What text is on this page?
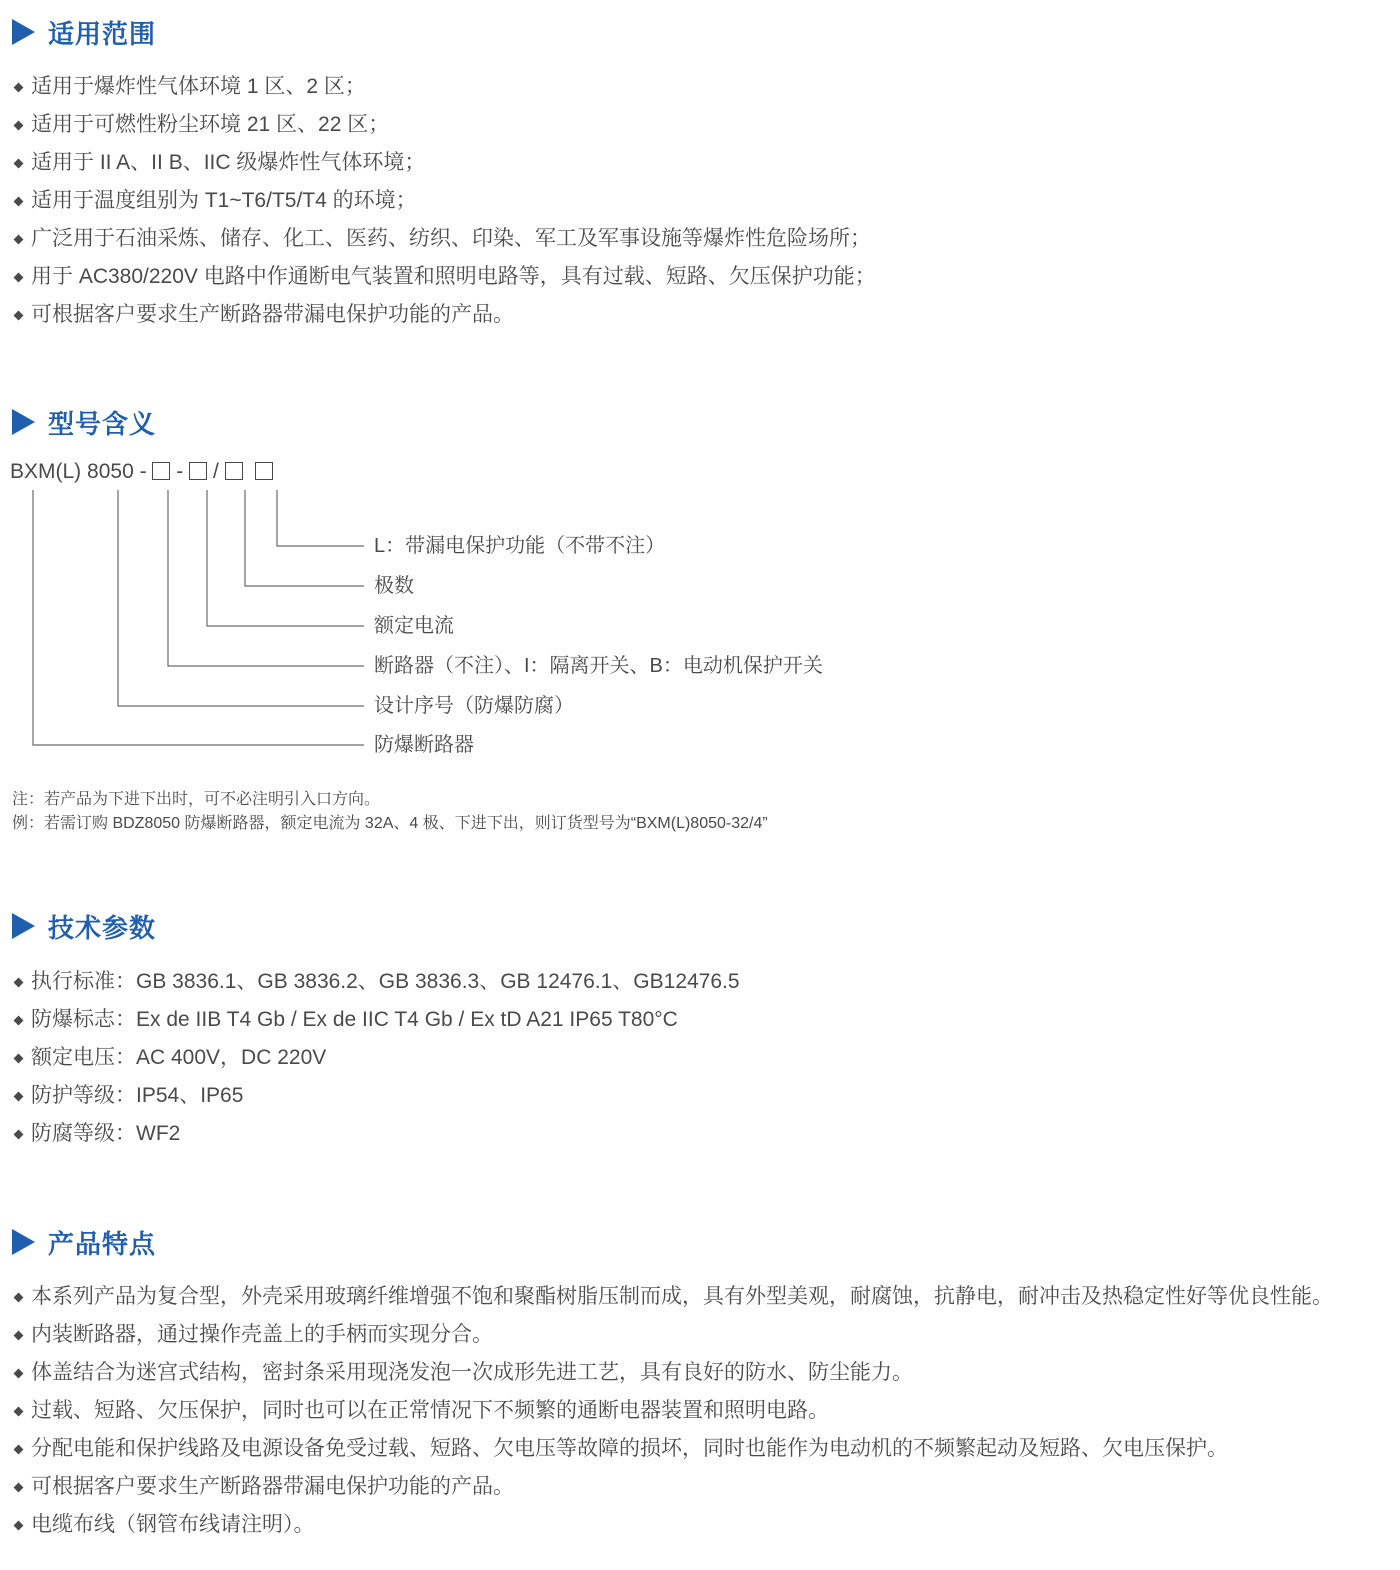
适用范围
适用于爆炸性气体环境 1 区、2 区；
适用于可燃性粉尘环境 21 区、22 区；
适用于 II A、II B、IIC 级爆炸性气体环境；
适用于温度组别为 T1~T6/T5/T4 的环境；
广泛用于石油采炼、储存、化工、医药、纺织、印染、军工及军事设施等爆炸性危险场所；
用于 AC380/220V 电路中作通断电气装置和照明电路等，具有过载、短路、欠压保护功能；
可根据客户要求生产断路器带漏电保护功能的产品。
型号含义
BXM(L) 8050 - - /
L：带漏电保护功能（不带不注）
极数
额定电流
断路器（不注）、I：隔离开关、B：电动机保护开关
设计序号（防爆防腐）
防爆断路器
注：若产品为下进下出时，可不必注明引入口方向。
例：若需订购 BDZ8050 防爆断路器，额定电流为 32A、4 极、下进下出，则订货型号为“BXM(L)8050-32/4”
技术参数
执行标准：GB 3836.1、GB 3836.2、GB 3836.3、GB 12476.1、GB12476.5
防爆标志：Ex de IIB T4 Gb / Ex de IIC T4 Gb / Ex tD A21 IP65 T80°C
额定电压：AC 400V，DC 220V
防护等级：IP54、IP65
防腐等级：WF2
产品特点
本系列产品为复合型，外壳采用玻璃纤维增强不饱和聚酯树脂压制而成，具有外型美观，耐腐蚀，抗静电，耐冲击及热稳定性好等优良性能。
内装断路器，通过操作壳盖上的手柄而实现分合。
体盖结合为迷宫式结构，密封条采用现浇发泡一次成形先进工艺，具有良好的防水、防尘能力。
过载、短路、欠压保护，同时也可以在正常情况下不频繁的通断电器装置和照明电路。
分配电能和保护线路及电源设备免受过载、短路、欠电压等故障的损坏，同时也能作为电动机的不频繁起动及短路、欠电压保护。
可根据客户要求生产断路器带漏电保护功能的产品。
电缆布线（钢管布线请注明）。
